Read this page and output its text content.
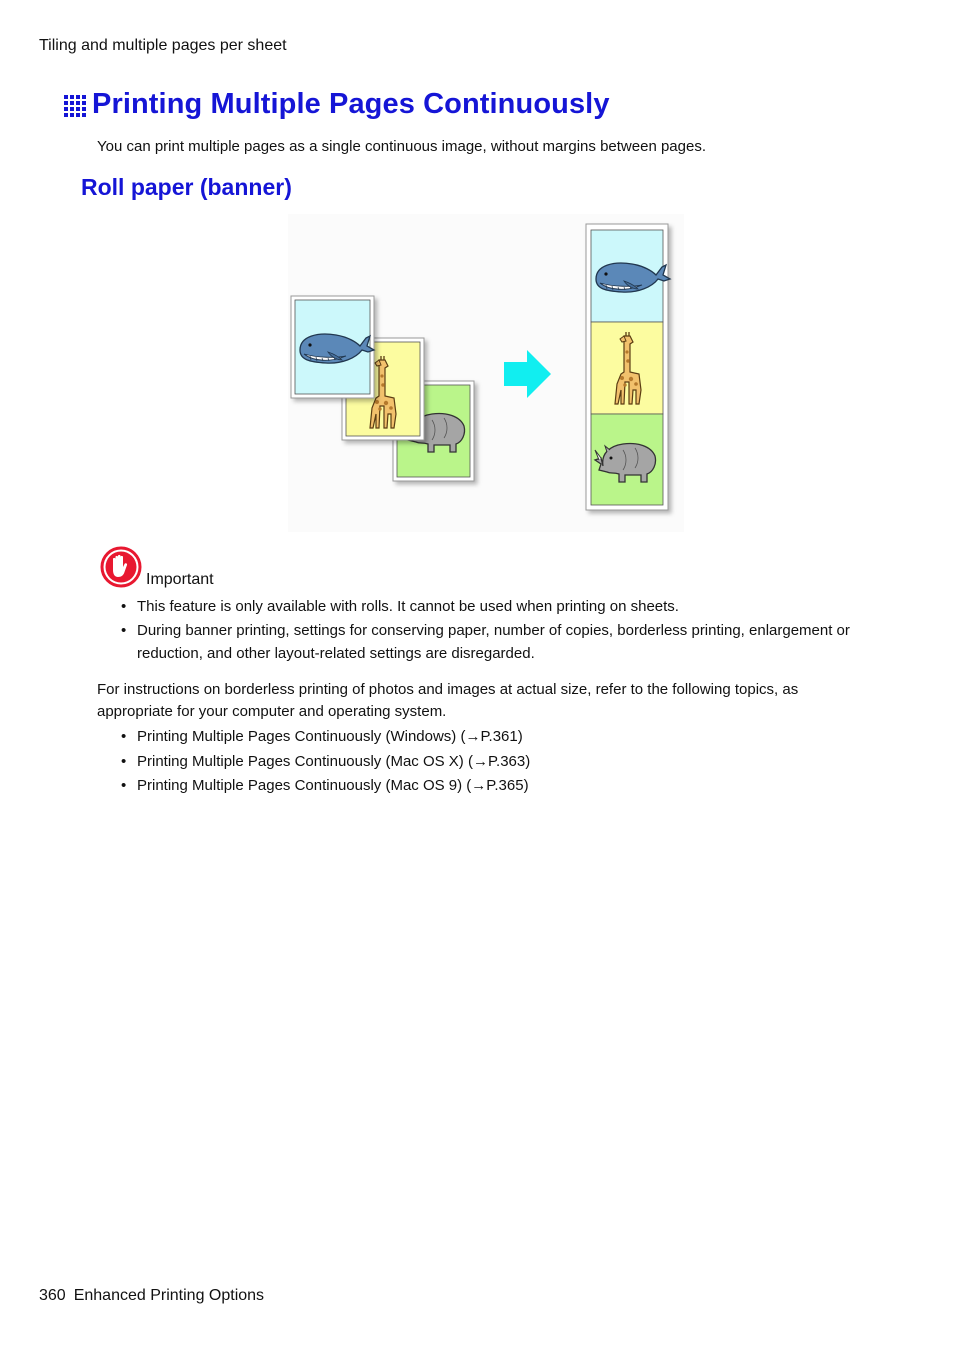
Tiling and multiple pages per sheet
Printing Multiple Pages Continuously
You can print multiple pages as a single continuous image, without margins between pages.
Roll paper (banner)
Important
• This feature is only available with rolls. It cannot be used when printing on sheets.
• During banner printing, settings for conserving paper, number of copies, borderless printing, enlargement or reduction, and other layout-related settings are disregarded.

For instructions on borderless printing of photos and images at actual size, refer to the following topics, as appropriate for your computer and operating system.

• Printing Multiple Pages Continuously (Windows) (→P.361)
• Printing Multiple Pages Continuously (Mac OS X) (→P.363)
• Printing Multiple Pages Continuously (Mac OS 9) (→P.365)
360 Enhanced Printing Options
